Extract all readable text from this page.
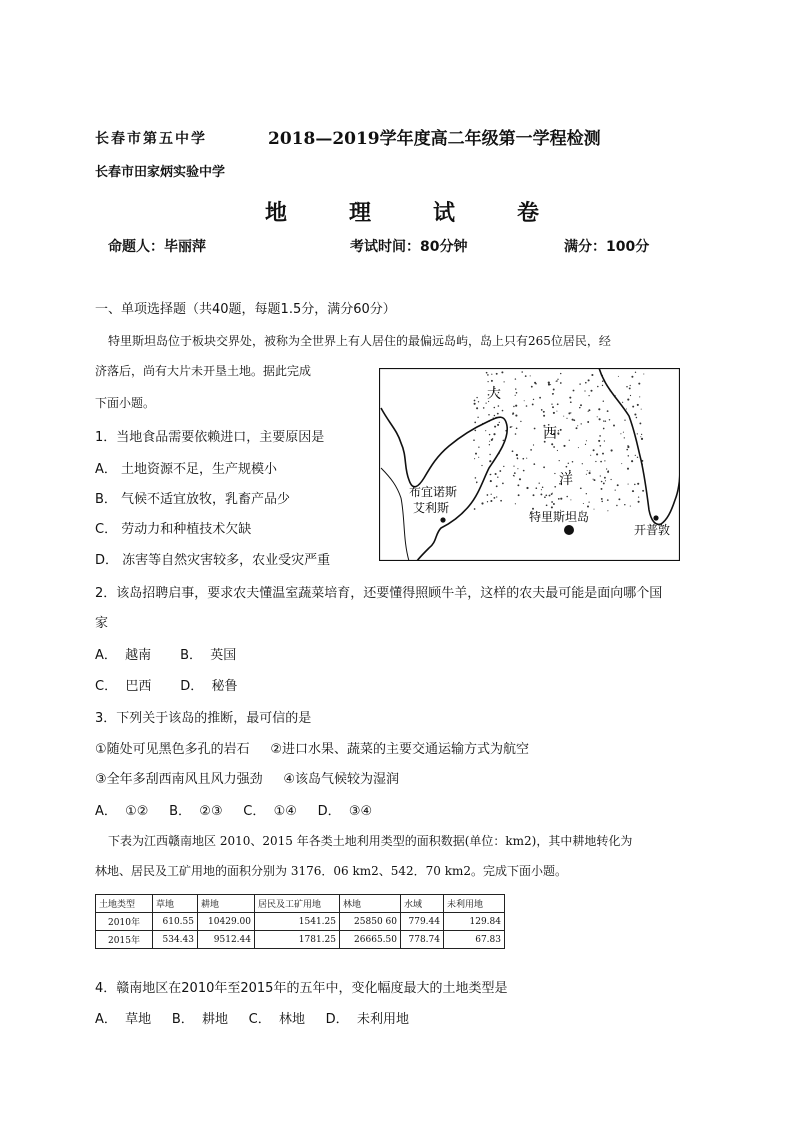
长春市第五中学	2018—2019学年度高二年级第一学程检测
长春市田家炳实验中学
地	理	试	卷
命题人：毕丽萍	考试时间：80分钟	满分：100分
一、单项选择题（共40题，每题1.5分，满分60分）
特里斯坦岛位于板块交界处，被称为全世界上有人居住的最偏远岛屿，岛上只有265位居民，经
济落后，尚有大片未开垦土地。据此完成
下面小题。
大
西
洋
布宜诺斯
艾利斯
特里斯坦岛
开普敦
1．当地食品需要依赖进口，主要原因是
A． 土地资源不足，生产规模小
B． 气候不适宜放牧，乳畜产品少
C． 劳动力和种植技术欠缺
D． 冻害等自然灾害较多，农业受灾严重
2．该岛招聘启事，要求农夫懂温室蔬菜培育，还要懂得照顾牛羊，这样的农夫最可能是面向哪个国
家
A．  越南       B．  英国
C．  巴西       D．  秘鲁
3．下列关于该岛的推断，最可信的是
①随处可见黑色多孔的岩石     ②进口水果、蔬菜的主要交通运输方式为航空
③全年多刮西南风且风力强劲     ④该岛气候较为湿润
A．  ①②     B．  ②③     C．  ①④     D．  ③④
下表为江西赣南地区 2010、2015 年各类土地利用类型的面积数据(单位：km2)，其中耕地转化为
林地、居民及工矿用地的面积分别为 3176．06 km2、542．70 km2。完成下面小题。
土地类型	草地	耕地	居民及工矿用地	林地	水域	未利用地
2010年	610.55	10429.00	1541.25	25850 60	779.44	129.84
2015年	534.43	9512.44	1781.25	26665.50	778.74	67.83
4．赣南地区在2010年至2015年的五年中，变化幅度最大的土地类型是
A．  草地     B．  耕地     C．  林地     D．  未利用地
